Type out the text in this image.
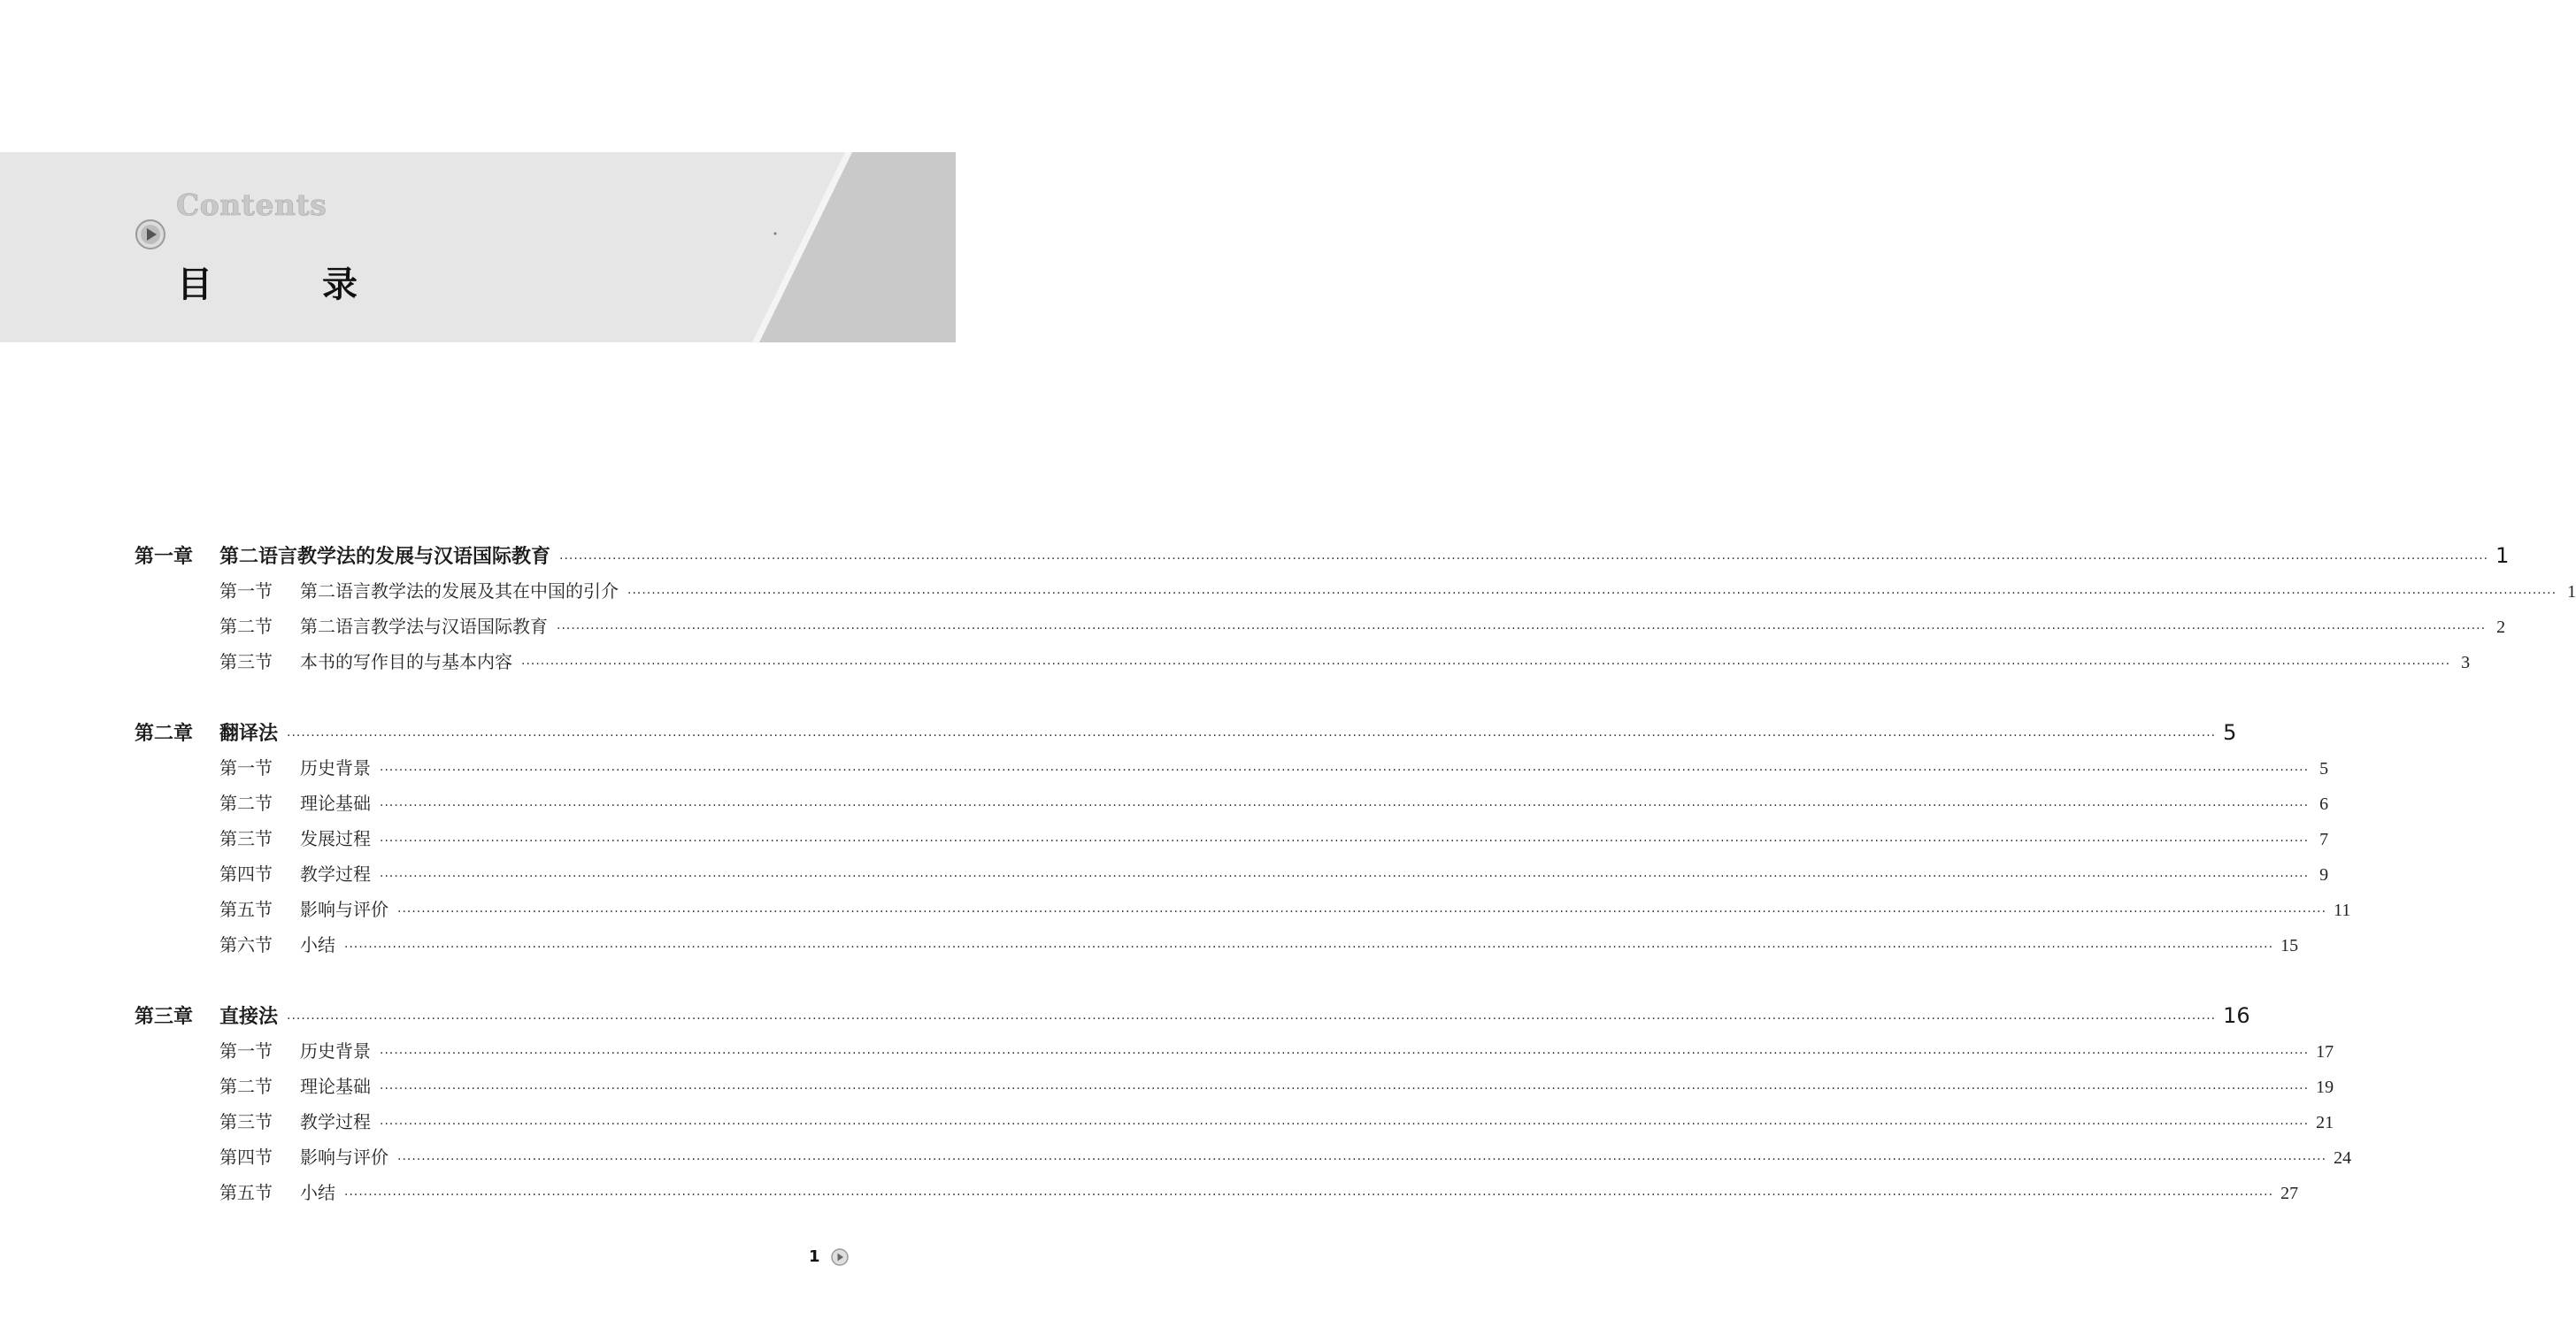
Contents
目　录
第一章	第二语言教学法的发展与汉语国际教育 ················································································································································································································································································································································································································ 1
第一节	第二语言教学法的发展及其在中国的引介 ················································································································································································································································································································································································································ 1
第二节	第二语言教学法与汉语国际教育 ················································································································································································································································································································································································································ 2
第三节	本书的写作目的与基本内容 ················································································································································································································································································································································································································ 3
第二章	翻译法 ················································································································································································································································································································································································································ 5
第一节	历史背景 ················································································································································································································································································································································································································ 5
第二节	理论基础 ················································································································································································································································································································································································································ 6
第三节	发展过程 ················································································································································································································································································································································································································ 7
第四节	教学过程 ················································································································································································································································································································································································································ 9
第五节	影响与评价 ················································································································································································································································································································································································································ 11
第六节	小结 ················································································································································································································································································································································································································ 15
第三章	直接法 ················································································································································································································································································································································································································ 16
第一节	历史背景 ················································································································································································································································································································································································································ 17
第二节	理论基础 ················································································································································································································································································································································································································ 19
第三节	教学过程 ················································································································································································································································································································································································································ 21
第四节	影响与评价 ················································································································································································································································································································································································································ 24
第五节	小结 ················································································································································································································································································································································································································ 27
1
